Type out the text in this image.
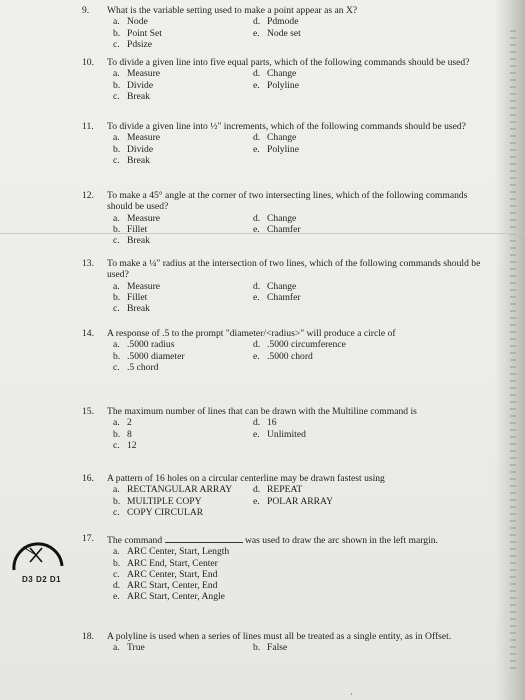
9.	What is the variable setting used to make a point appear as an X?
a. Node	d. Pdmode
b. Point Set	e. Node set
c. Pdsize
10.	To divide a given line into five equal parts, which of the following commands should be used?
a. Measure	d. Change
b. Divide	e. Polyline
c. Break
11.	To divide a given line into ½" increments, which of the following commands should be used?
a. Measure	d. Change
b. Divide	e. Polyline
c. Break
12.	To make a 45° angle at the corner of two intersecting lines, which of the following commands should be used?
a. Measure	d. Change
b. Fillet	e. Chamfer
c. Break
13.	To make a ¼" radius at the intersection of two lines, which of the following commands should be used?
a. Measure	d. Change
b. Fillet	e. Chamfer
c. Break
14.	A response of .5 to the prompt "diameter/<radius>" will produce a circle of
a. .5000 radius	d. .5000 circumference
b. .5000 diameter	e. .5000 chord
c. .5 chord
15.	The maximum number of lines that can be drawn with the Multiline command is
a. 2	d. 16
b. 8	e. Unlimited
c. 12
16.	A pattern of 16 holes on a circular centerline may be drawn fastest using
a. RECTANGULAR ARRAY	d. REPEAT
b. MULTIPLE COPY	e. POLAR ARRAY
c. COPY CIRCULAR
17.	The command	was used to draw the arc shown in the left margin.
a. ARC Center, Start, Length
b. ARC End, Start, Center
c. ARC Center, Start, End
d. ARC Start, Center, End
e. ARC Start, Center, Angle
18.	A polyline is used when a series of lines must all be treated as a single entity, as in Offset.
a. True	b. False
D3 D2 D1
·
